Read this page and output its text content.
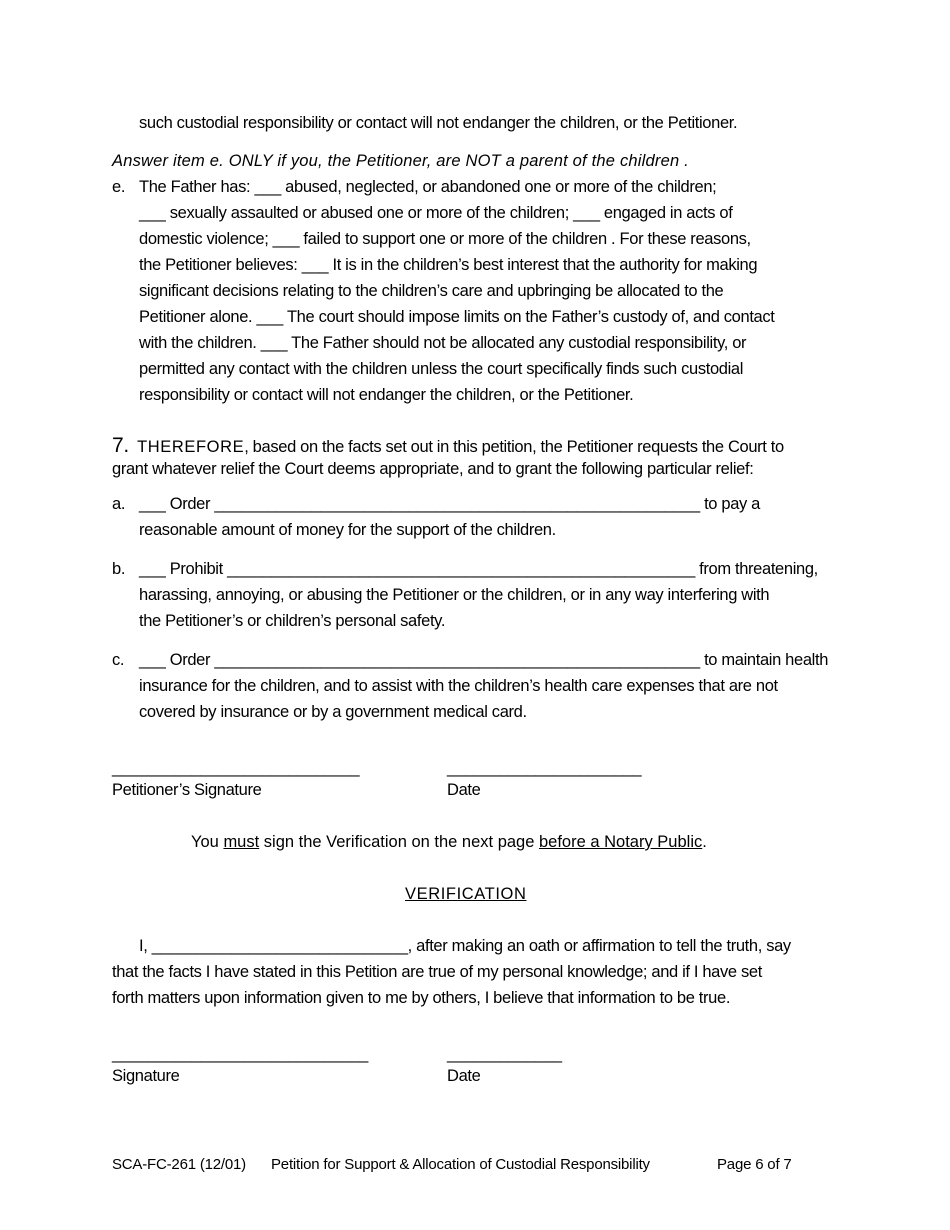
such custodial responsibility or contact will not endanger the children, or the Petitioner.
Answer item e. ONLY if you, the Petitioner, are NOT a parent of the children .
e. The Father has: ___ abused, neglected, or abandoned one or more of the children;
___ sexually assaulted or abused one or more of the children; ___ engaged in acts of
domestic violence; ___ failed to support one or more of the children . For these reasons,
the Petitioner believes: ___ It is in the children’s best interest that the authority for making
significant decisions relating to the children’s care and upbringing be allocated to the
Petitioner alone. ___ The court should impose limits on the Father’s custody of, and contact
with the children. ___ The Father should not be allocated any custodial responsibility, or
permitted any contact with the children unless the court specifically finds such custodial
responsibility or contact will not endanger the children, or the Petitioner.
7. THEREFORE, based on the facts set out in this petition, the Petitioner requests the Court to
grant whatever relief the Court deems appropriate, and to grant the following particular relief:
a. ___ Order _______________________________________________________ to pay a
reasonable amount of money for the support of the children.
b. ___ Prohibit _____________________________________________________ from threatening,
harassing, annoying, or abusing the Petitioner or the children, or in any way interfering with
the Petitioner’s or children’s personal safety.
c. ___ Order _______________________________________________________ to maintain health
insurance for the children, and to assist with the children’s health care expenses that are not
covered by insurance or by a government medical card.
____________________________	______________________
Petitioner’s Signature	Date
You must sign the Verification on the next page before a Notary Public.
VERIFICATION
I, _____________________________, after making an oath or affirmation to tell the truth, say
that the facts I have stated in this Petition are true of my personal knowledge; and if I have set
forth matters upon information given to me by others, I believe that information to be true.
_____________________________	_____________
Signature	Date
SCA-FC-261 (12/01) Petition for Support & Allocation of Custodial Responsibility	Page 6 of 7
